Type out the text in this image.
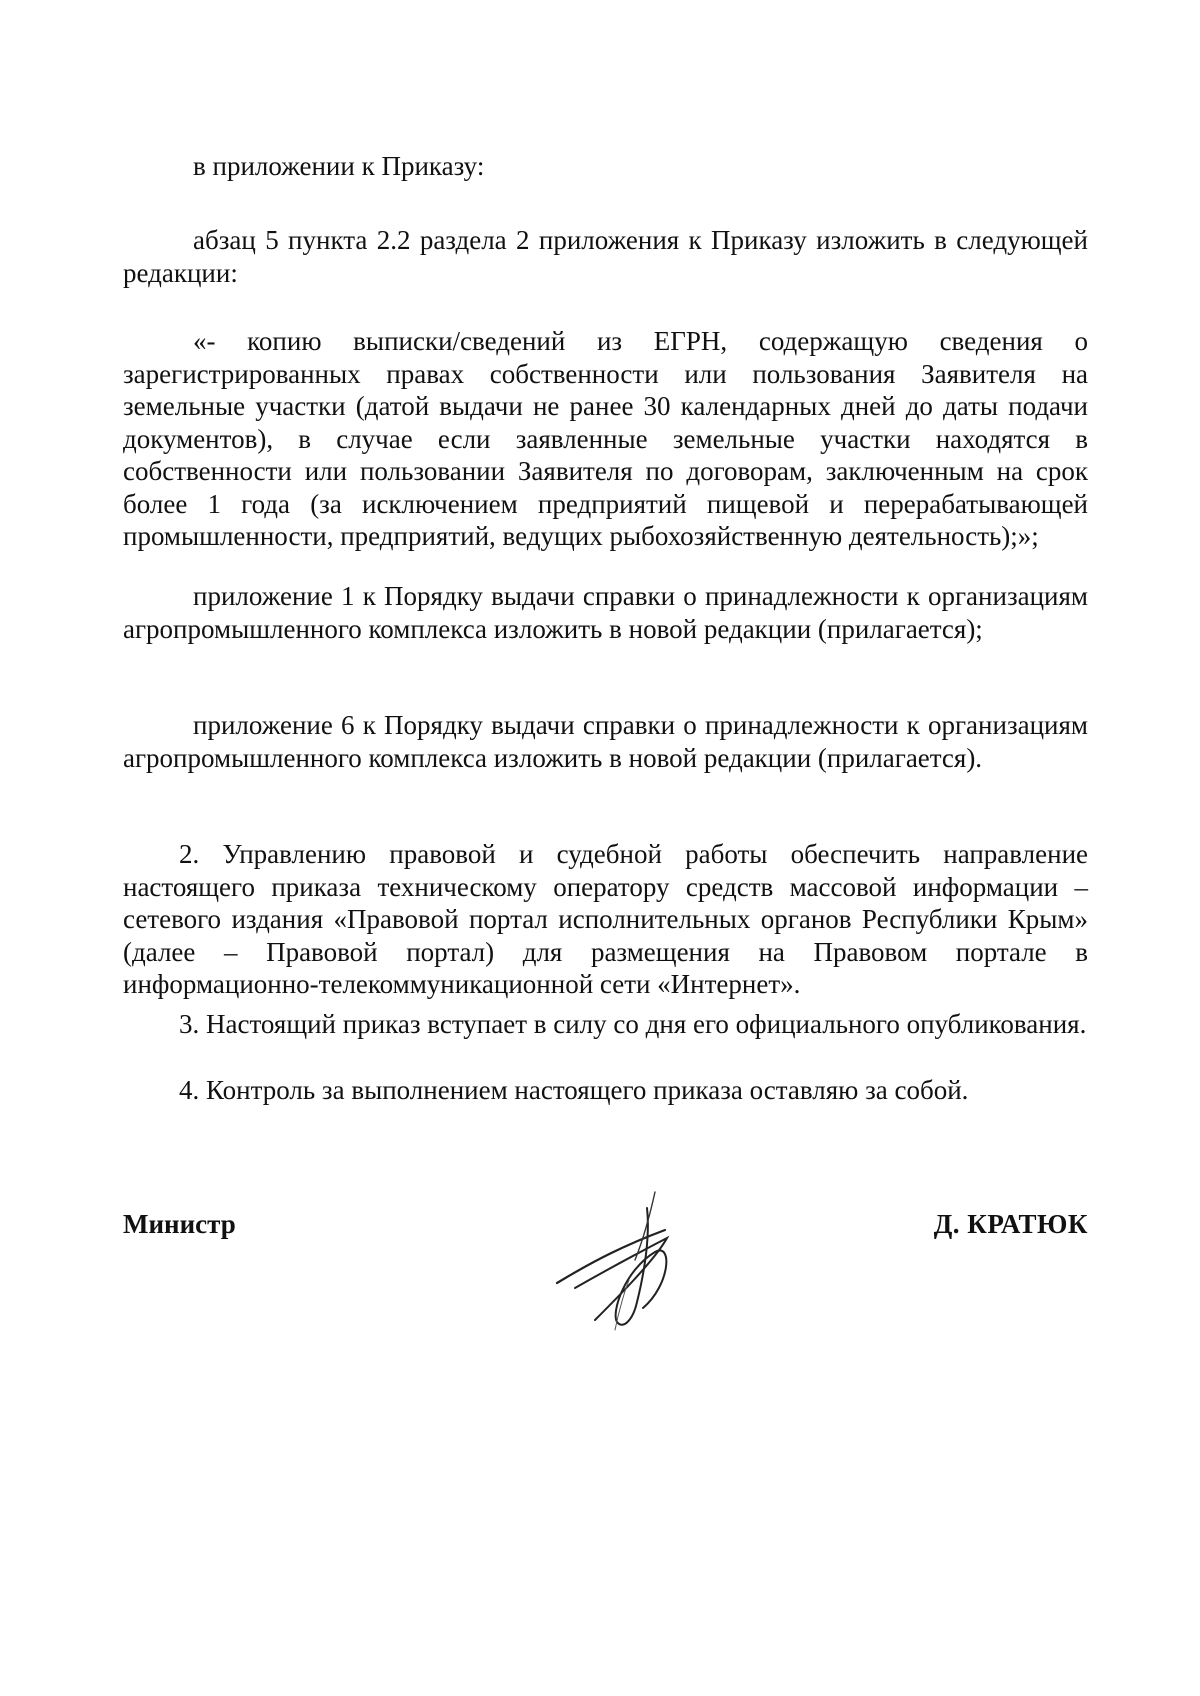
в приложении к Приказу:

абзац 5 пункта 2.2 раздела 2 приложения к Приказу изложить в следующей редакции:

«- копию выписки/сведений из ЕГРН, содержащую сведения о зарегистрированных правах собственности или пользования Заявителя на земельные участки (датой выдачи не ранее 30 календарных дней до даты подачи документов), в случае если заявленные земельные участки находятся в собственности или пользовании Заявителя по договорам, заключенным на срок более 1 года (за исключением предприятий пищевой и перерабатывающей промышленности, предприятий, ведущих рыбохозяйственную деятельность);»;

приложение 1 к Порядку выдачи справки о принадлежности к организациям агропромышленного комплекса изложить в новой редакции (прилагается);

приложение 6 к Порядку выдачи справки о принадлежности к организациям агропромышленного комплекса изложить в новой редакции (прилагается).

2. Управлению правовой и судебной работы обеспечить направление настоящего приказа техническому оператору средств массовой информации – сетевого издания «Правовой портал исполнительных органов Республики Крым» (далее – Правовой портал) для размещения на Правовом портале в информационно-телекоммуникационной сети «Интернет».

3. Настоящий приказ вступает в силу со дня его официального опубликования.

4. Контроль за выполнением настоящего приказа оставляю за собой.

Министр	Д. КРАТЮК
